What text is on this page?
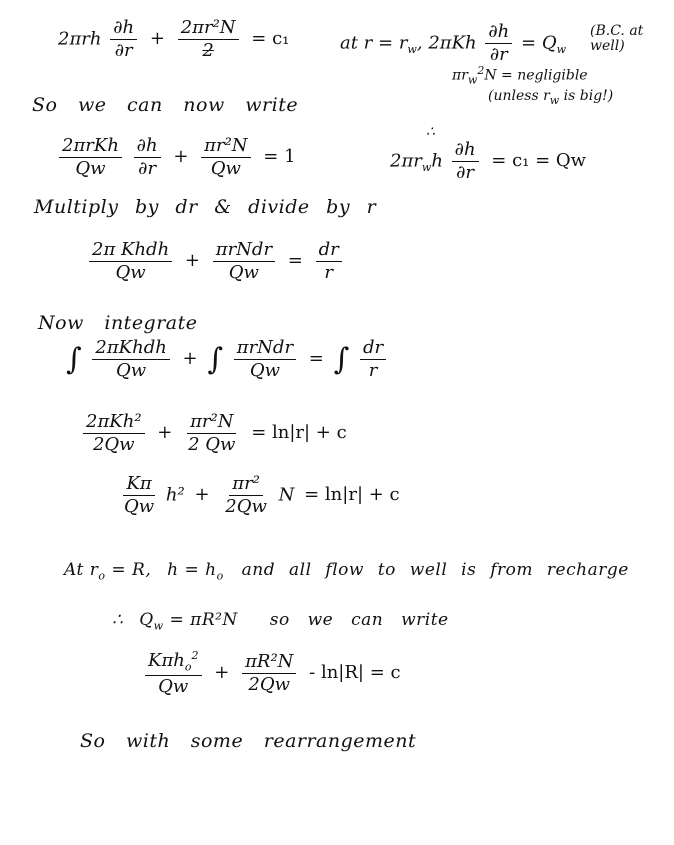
$2\pi rh \frac{\partial h}{\partial r} + \frac{\text{2πr²N}}{2} = c_1$	at $r = r_w$, $2\pi Kh \frac{\partial h}{\partial r} = Q_w$
(B.C. at well)
$\pi r_w^2N$ = negligible
(unless $r_w$ is big!)
So we can now write
$\frac{\text{2πrKh}}{Qw}$
$\frac{\partial h}{\partial r} + \frac{\text{πr²N}}{Qw} = 1$
∴
$2\pi r_wh \frac{\partial h}{\partial r} = c_1 = Qw$
Multiply by dr & divide by r
$\frac{\text{2π Khdh}}{Qw} + \frac{\text{πrNdr}}{Qw} = \frac{dr}{r}$
Now integrate
∫ $\frac{\text{2πKhdh}}{Qw}$ + ∫ $\frac{\text{πrNdr}}{Qw}$ = ∫ $\frac{dr}{r}$
$\frac{\text{2πKh²}}{2Qw} + \frac{\text{πr²N}}{2 Qw} = \ln|r| + c$
$\frac{K\pi}{Qw} h^2 + \frac{\text{πr²}}{2Qw}$ N = ln|r| + c
At $r_o = R$, $h = h_o$ and all flow to well is from recharge
∴ $Q_w = \pi R^2N$ so we can write
$\frac{K\pi h_o^2}{Qw} + \frac{\text{πR²N}}{2Qw} - \ln|R| = c$
So with some rearrangement
